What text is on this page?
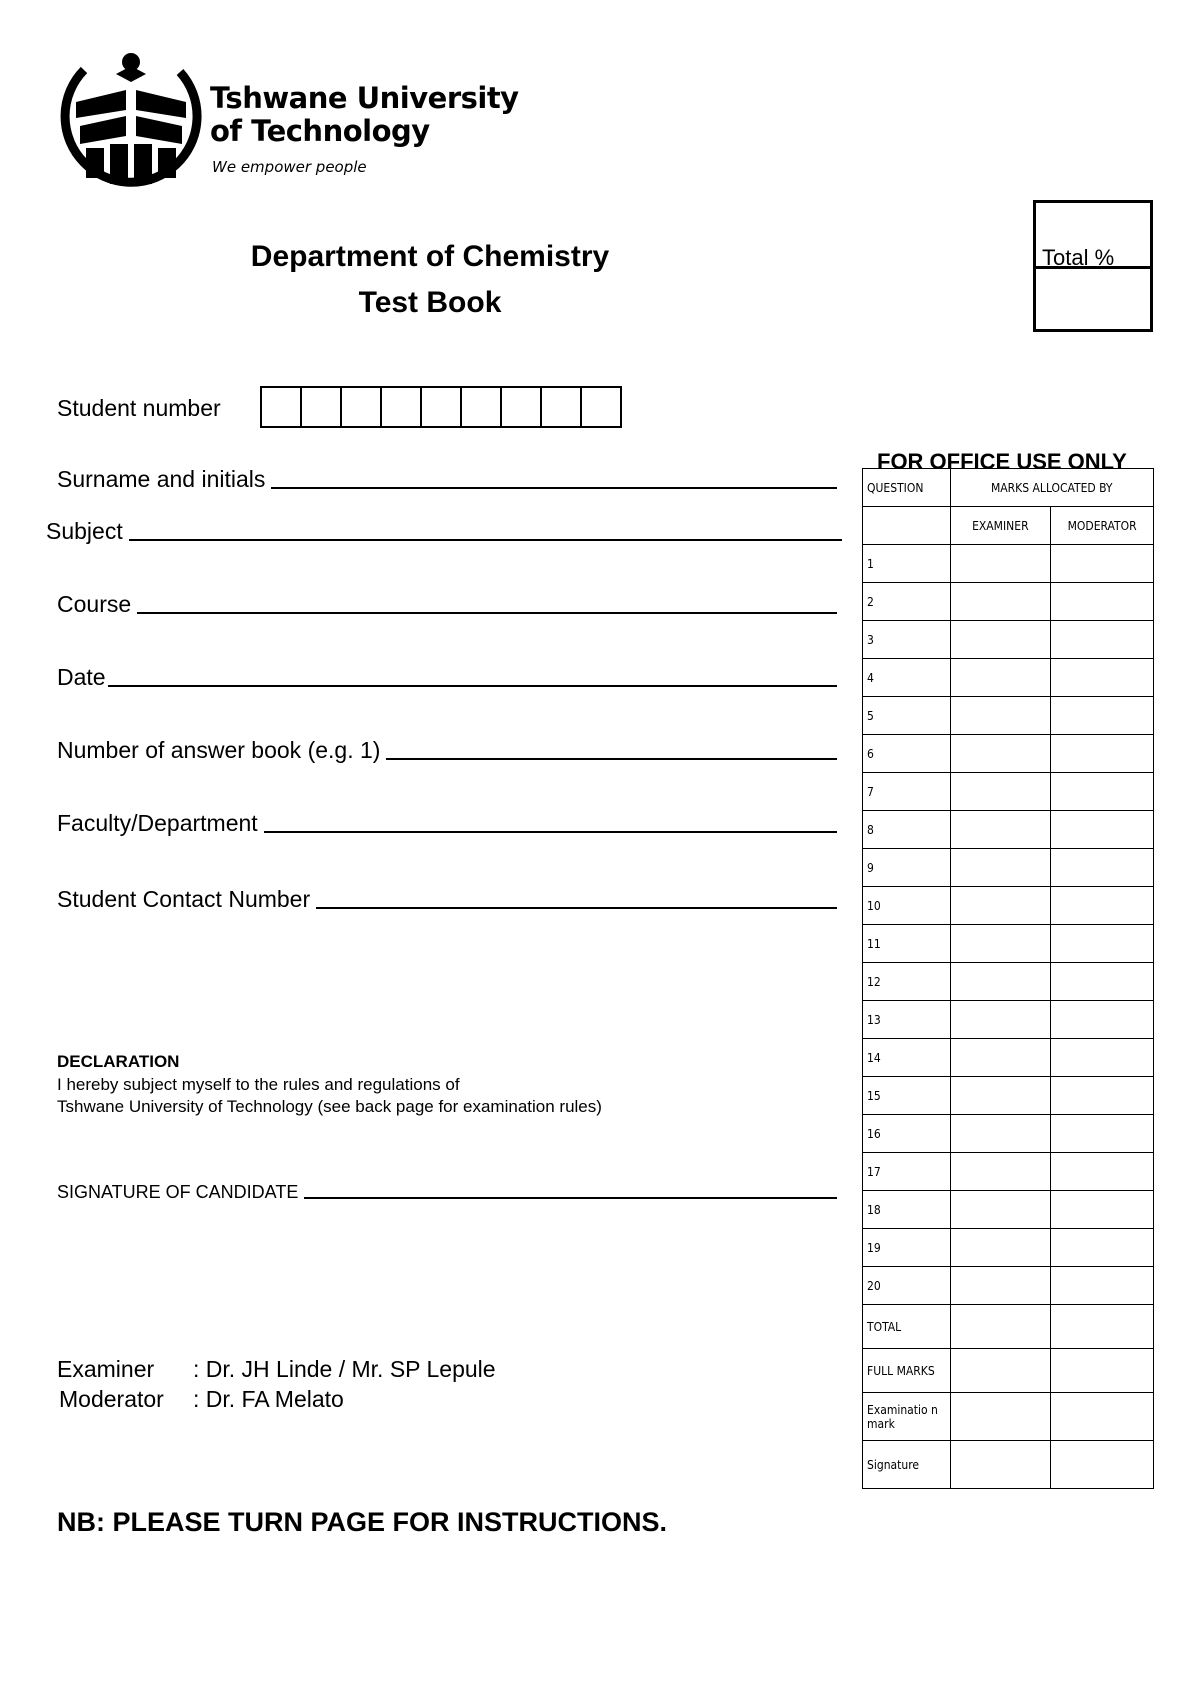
Tshwane University
of Technology
We empower people
Department of Chemistry
Test Book
Total %
Student number
Surname and initials
Subject
Course
Date
Number of answer book (e.g. 1)
Faculty/Department
Student Contact Number
DECLARATION
I hereby subject myself to the rules and regulations of
Tshwane University of Technology (see back page for examination rules)
SIGNATURE OF CANDIDATE
Examiner : Dr. JH Linde / Mr. SP Lepule
Moderator : Dr. FA Melato
NB: PLEASE TURN PAGE FOR INSTRUCTIONS.
FOR OFFICE USE ONLY
QUESTION	MARKS ALLOCATED BY	
	EXAMINER	MODERATOR
1		
2		
3		
4		
5		
6		
7		
8		
9		
10		
11		
12		
13		
14		
15		
16		
17		
18		
19		
20		
TOTAL		
FULL MARKS		
Examinatio n mark		
Signature		
